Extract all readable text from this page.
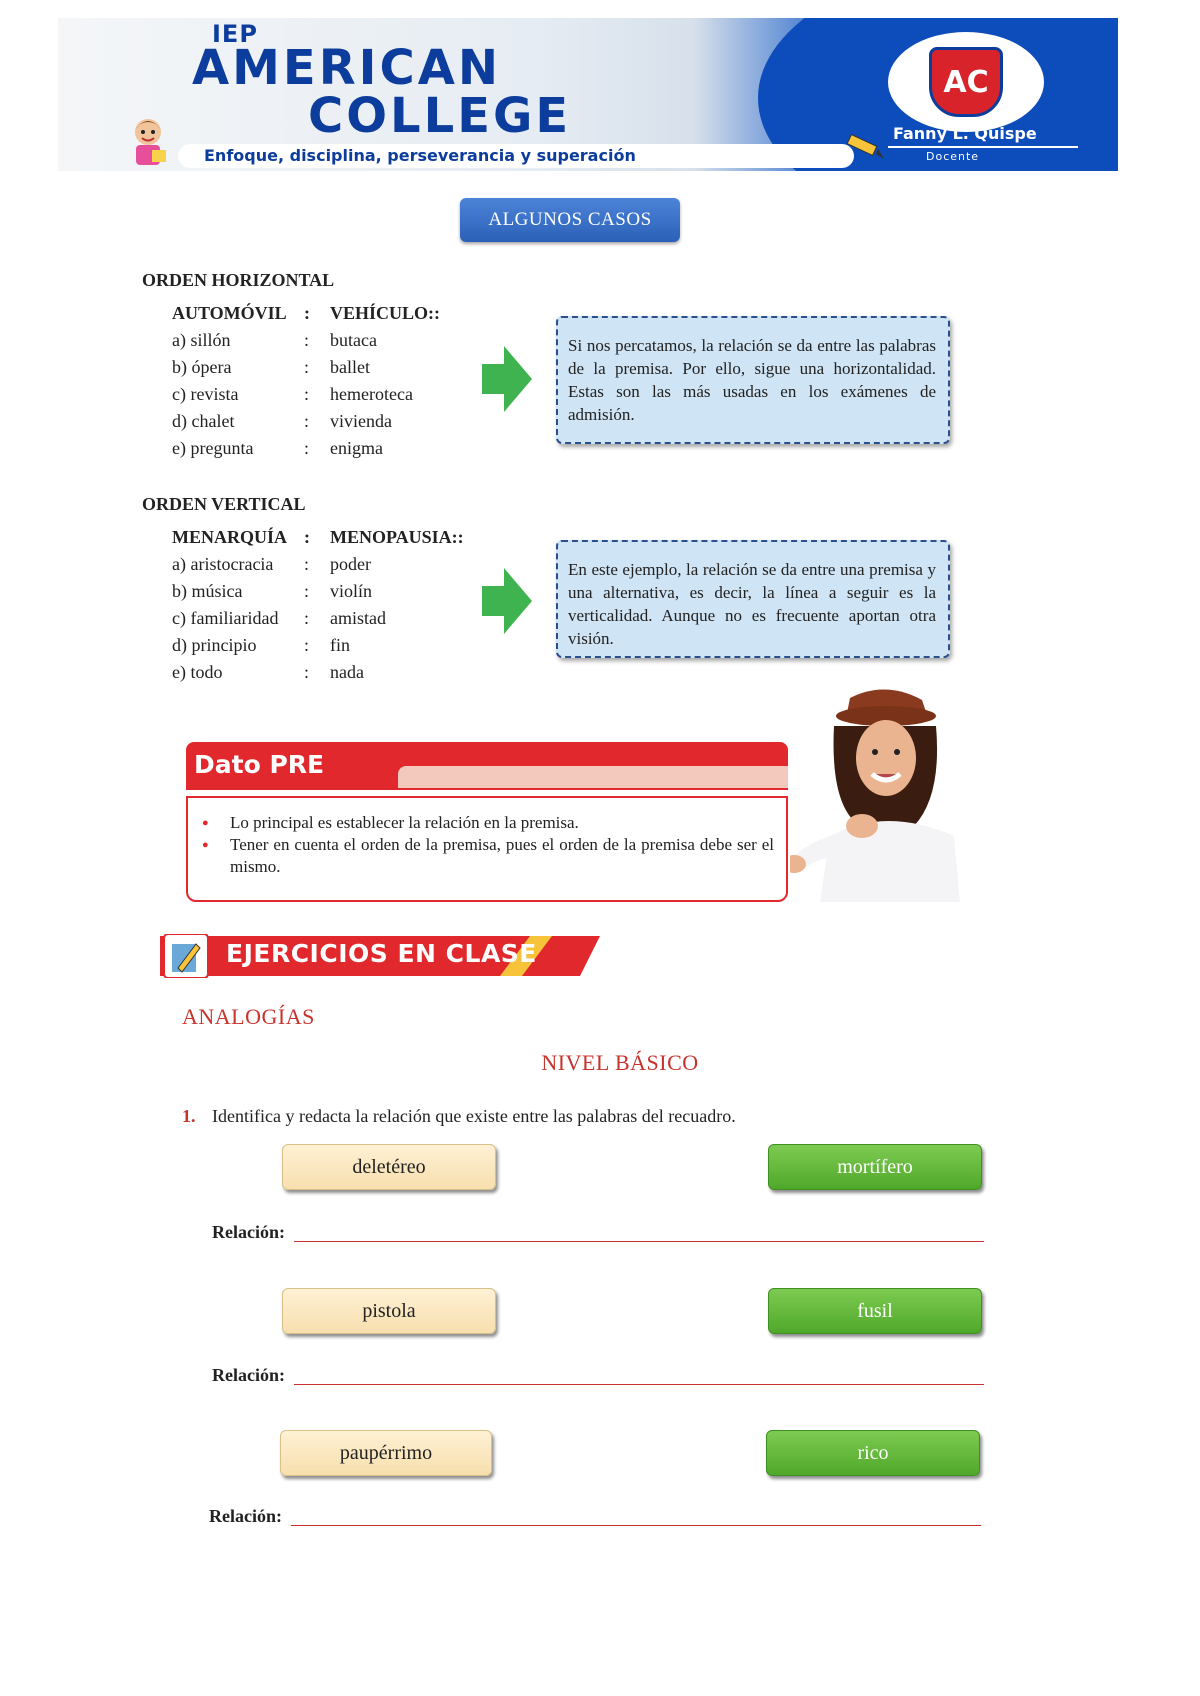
IEP
AMERICAN
COLLEGE
Enfoque, disciplina, perseverancia y superación
AC
Fanny L. Quispe
Docente
ALGUNOS CASOS
ORDEN HORIZONTAL
AUTOMÓVIL : VEHÍCULO::
a) sillón	: butaca
b) ópera	: ballet
c) revista	: hemeroteca
d) chalet	: vivienda
e) pregunta	: enigma
Si nos percatamos, la relación se da entre las palabras de la premisa. Por ello, sigue una horizontalidad. Estas son las más usadas en los exámenes de admisión.
ORDEN VERTICAL
MENARQUÍA : MENOPAUSIA::
a) aristocracia : poder
b) música	: violín
c) familiaridad : amistad
d) principio	: fin
e) todo	: nada
En este ejemplo, la relación se da entre una premisa y una alternativa, es decir, la línea a seguir es la verticalidad. Aunque no es frecuente aportan otra visión.
Dato PRE
● Lo principal es establecer la relación en la premisa.
● Tener en cuenta el orden de la premisa, pues el orden de la premisa debe ser el mismo.
EJERCICIOS EN CLASE
ANALOGÍAS
NIVEL BÁSICO
1. Identifica y redacta la relación que existe entre las palabras del recuadro.
deletéreo	mortífero
Relación:
pistola	fusil
Relación:
paupérrimo	rico
Relación:
